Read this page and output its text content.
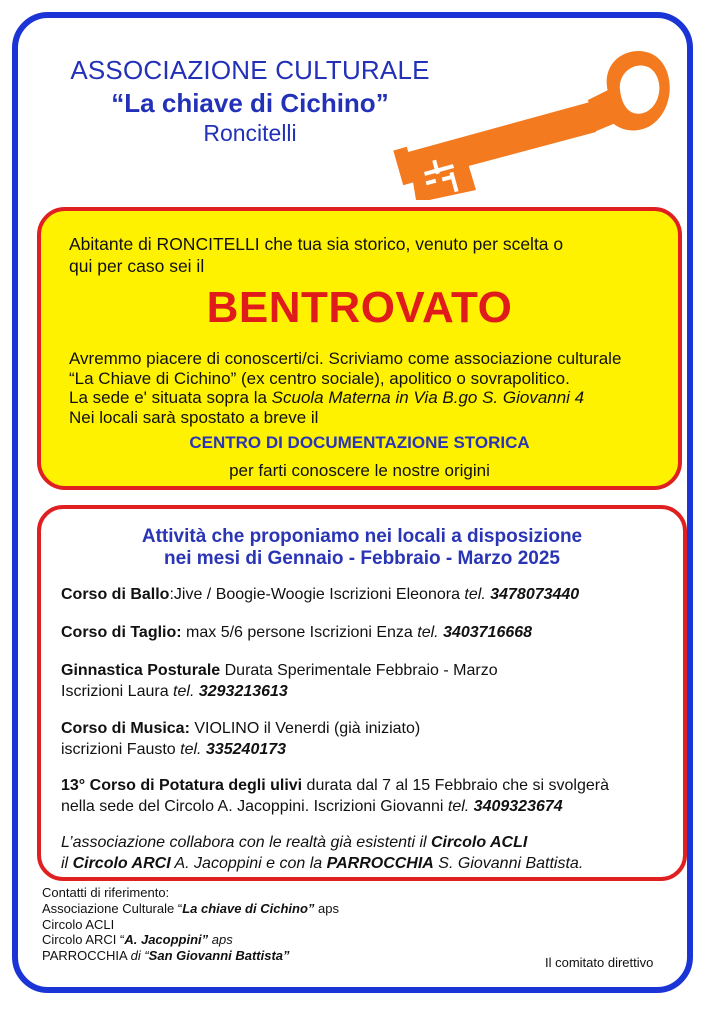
ASSOCIAZIONE CULTURALE
“La chiave di Cichino”
Roncitelli
Abitante di RONCITELLI che tua sia storico, venuto per scelta o
qui per caso sei il
BENTROVATO
Avremmo piacere di conoscerti/ci. Scriviamo come associazione culturale
“La Chiave di Cichino” (ex centro sociale), apolitico o sovrapolitico.
La sede e' situata sopra la Scuola Materna in Via B.go S. Giovanni 4
Nei locali sarà spostato a breve il
CENTRO DI DOCUMENTAZIONE STORICA
per farti conoscere le nostre origini
Attività che proponiamo nei locali a disposizione
nei mesi di Gennaio - Febbraio - Marzo 2025
Corso di Ballo:Jive / Boogie-Woogie Iscrizioni Eleonora tel. 3478073440
Corso di Taglio: max 5/6 persone Iscrizioni Enza tel. 3403716668
Ginnastica Posturale Durata Sperimentale Febbraio - Marzo
Iscrizioni Laura tel. 3293213613
Corso di Musica: VIOLINO il Venerdi (già iniziato)
iscrizioni Fausto tel. 335240173
13° Corso di Potatura degli ulivi durata dal 7 al 15 Febbraio che si svolgerà
nella sede del Circolo A. Jacoppini. Iscrizioni Giovanni tel. 3409323674
L’associazione collabora con le realtà già esistenti il Circolo ACLI
il Circolo ARCI A. Jacoppini e con la PARROCCHIA S. Giovanni Battista.
Contatti di riferimento:
Associazione Culturale “La chiave di Cichino” aps
Circolo ACLI
Circolo ARCI “A. Jacoppini” aps
PARROCCHIA di “San Giovanni Battista”	Il comitato direttivo
